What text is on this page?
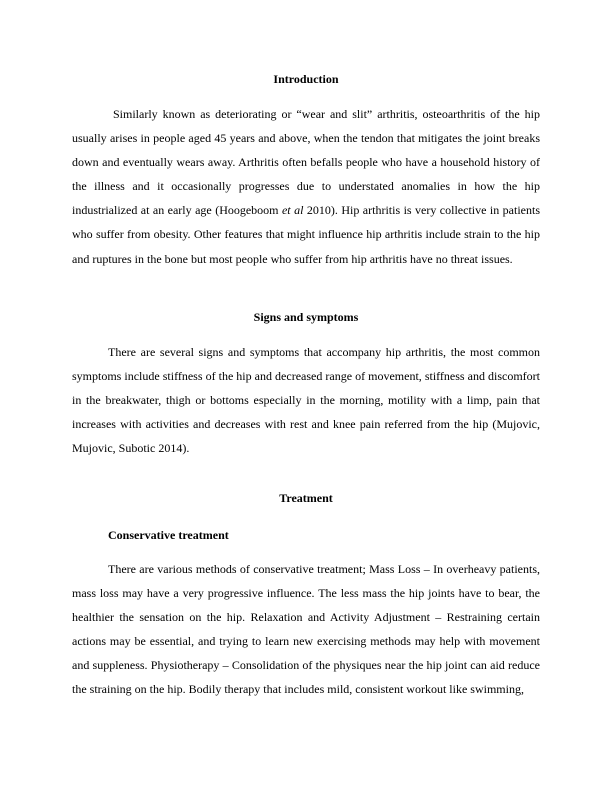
Introduction

Similarly known as deteriorating or “wear and slit” arthritis, osteoarthritis of the hip usually arises in people aged 45 years and above, when the tendon that mitigates the joint breaks down and eventually wears away. Arthritis often befalls people who have a household history of the illness and it occasionally progresses due to understated anomalies in how the hip industrialized at an early age (Hoogeboom et al 2010). Hip arthritis is very collective in patients who suffer from obesity. Other features that might influence hip arthritis include strain to the hip and ruptures in the bone but most people who suffer from hip arthritis have no threat issues.

Signs and symptoms

There are several signs and symptoms that accompany hip arthritis, the most common symptoms include stiffness of the hip and decreased range of movement, stiffness and discomfort in the breakwater, thigh or bottoms especially in the morning, motility with a limp, pain that increases with activities and decreases with rest and knee pain referred from the hip (Mujovic, Mujovic, Subotic 2014).

Treatment
Conservative treatment

There are various methods of conservative treatment; Mass Loss – In overheavy patients, mass loss may have a very progressive influence. The less mass the hip joints have to bear, the healthier the sensation on the hip. Relaxation and Activity Adjustment – Restraining certain actions may be essential, and trying to learn new exercising methods may help with movement and suppleness. Physiotherapy – Consolidation of the physiques near the hip joint can aid reduce the straining on the hip. Bodily therapy that includes mild, consistent workout like swimming,
